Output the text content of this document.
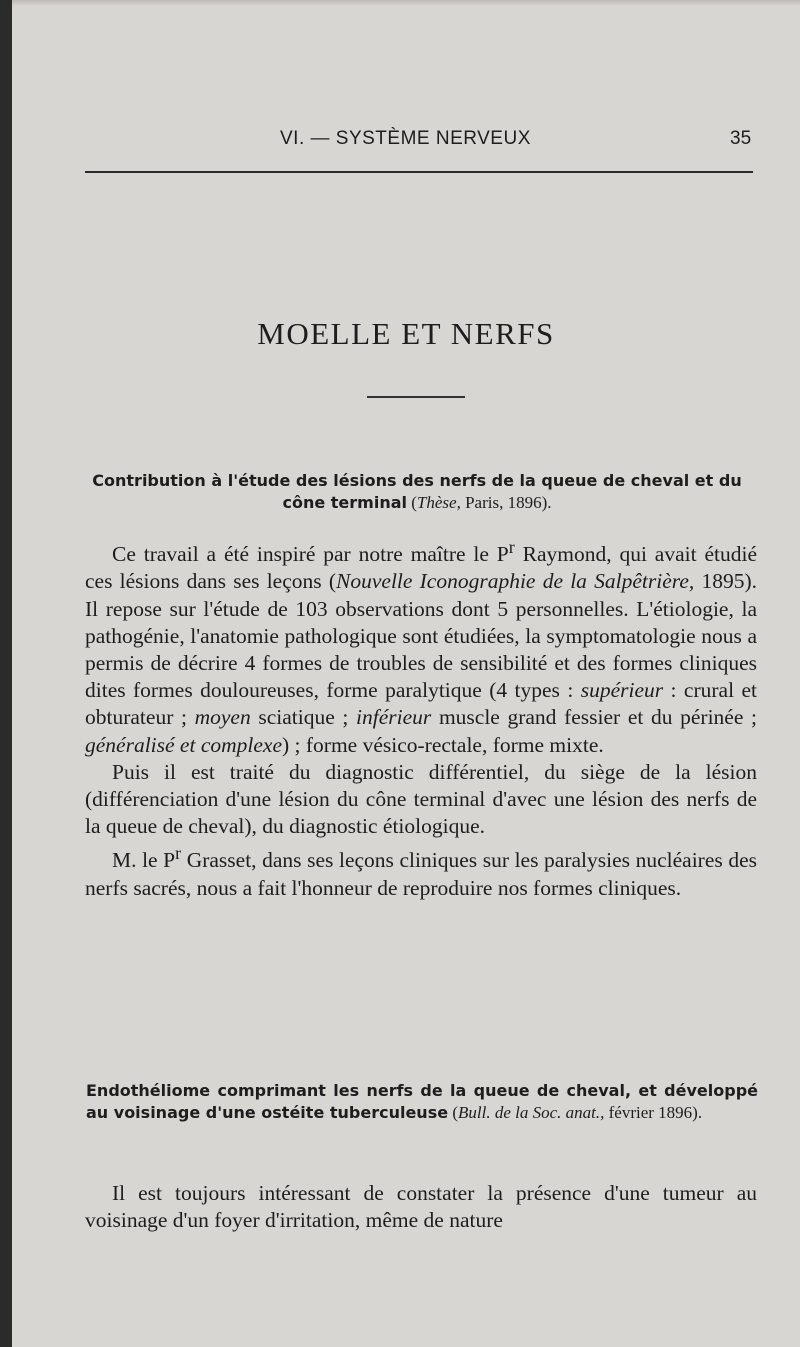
VI. — SYSTÈME NERVEUX	35
MOELLE ET NERFS
Contribution à l'étude des lésions des nerfs de la queue de cheval et du cône terminal (Thèse, Paris, 1896).

Ce travail a été inspiré par notre maître le $P^r$ Raymond, qui avait étudié ces lésions dans ses leçons (Nouvelle Iconographie de la Salpêtrière, 1895). Il repose sur l'étude de 103 observations dont 5 personnelles. L'étiologie, la pathogénie, l'anatomie pathologique sont étudiées, la symptomatologie nous a permis de décrire 4 formes de troubles de sensibilité et des formes cliniques dites formes douloureuses, forme paralytique (4 types : supérieur : crural et obturateur ; moyen sciatique ; inférieur muscle grand fessier et du périnée ; généralisé et complexe) ; forme vésico-rectale, forme mixte.

Puis il est traité du diagnostic différentiel, du siège de la lésion (différenciation d'une lésion du cône terminal d'avec une lésion des nerfs de la queue de cheval), du diagnostic étiologique.

M. le $P^r$ Grasset, dans ses leçons cliniques sur les paralysies nucléaires des nerfs sacrés, nous a fait l'honneur de reproduire nos formes cliniques.

Endothéliome comprimant les nerfs de la queue de cheval, et développé au voisinage d'une ostéite tuberculeuse (Bull. de la Soc. anat., février 1896).

Il est toujours intéressant de constater la présence d'une tumeur au voisinage d'un foyer d'irritation, même de nature
